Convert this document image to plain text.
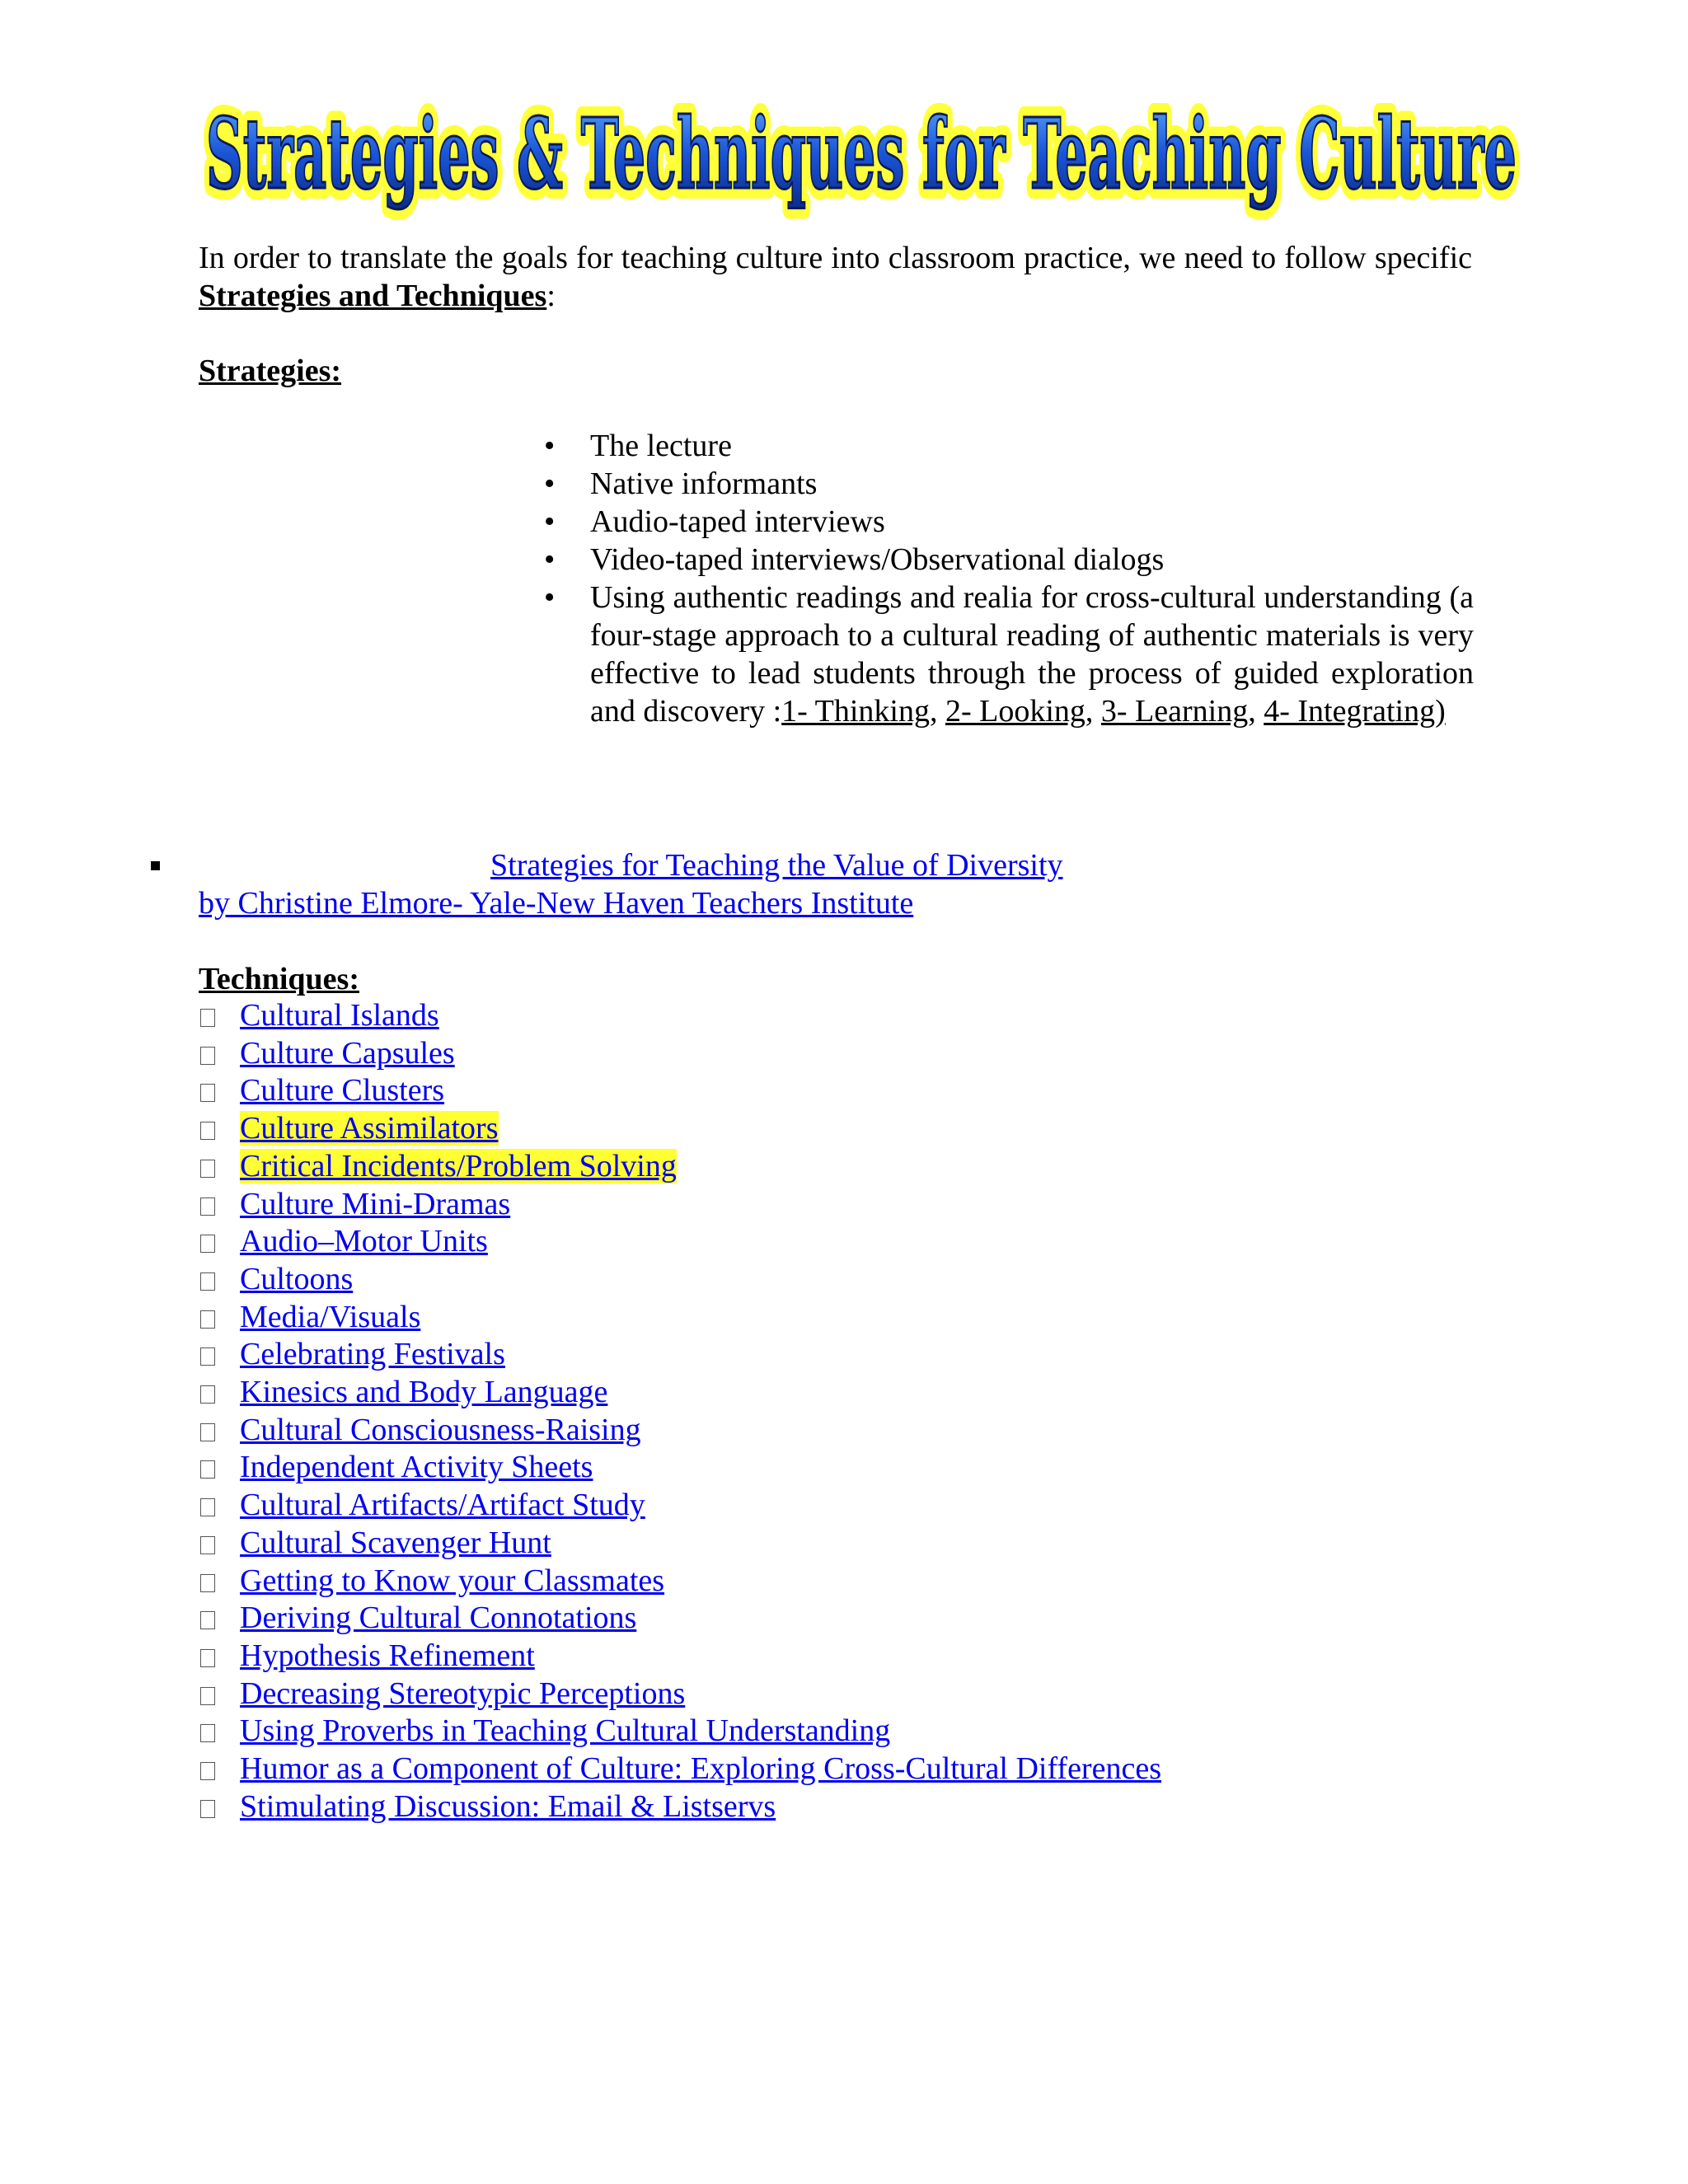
Strategies & Techniques for Teaching Culture
Strategies & Techniques for Teaching Culture

In order to translate the goals for teaching culture into classroom practice, we need to follow specific Strategies and Techniques:

Strategies:
• The lecture
• Native informants
• Audio-taped interviews
• Video-taped interviews/Observational dialogs
• Using authentic readings and realia for cross-cultural understanding (a four-stage approach to a cultural reading of authentic materials is very effective to lead students through the process of guided exploration and discovery :1- Thinking, 2- Looking, 3- Learning, 4- Integrating)
Strategies for Teaching the Value of Diversity
by Christine Elmore- Yale-New Haven Teachers Institute
Techniques:
Cultural Islands
Culture Capsules
Culture Clusters
Culture Assimilators
Critical Incidents/Problem Solving
Culture Mini-Dramas
Audio–Motor Units
Cultoons
Media/Visuals
Celebrating Festivals
Kinesics and Body Language
Cultural Consciousness-Raising
Independent Activity Sheets
Cultural Artifacts/Artifact Study
Cultural Scavenger Hunt
Getting to Know your Classmates
Deriving Cultural Connotations
Hypothesis Refinement
Decreasing Stereotypic Perceptions
Using Proverbs in Teaching Cultural Understanding
Humor as a Component of Culture: Exploring Cross-Cultural Differences
Stimulating Discussion: Email & Listservs
